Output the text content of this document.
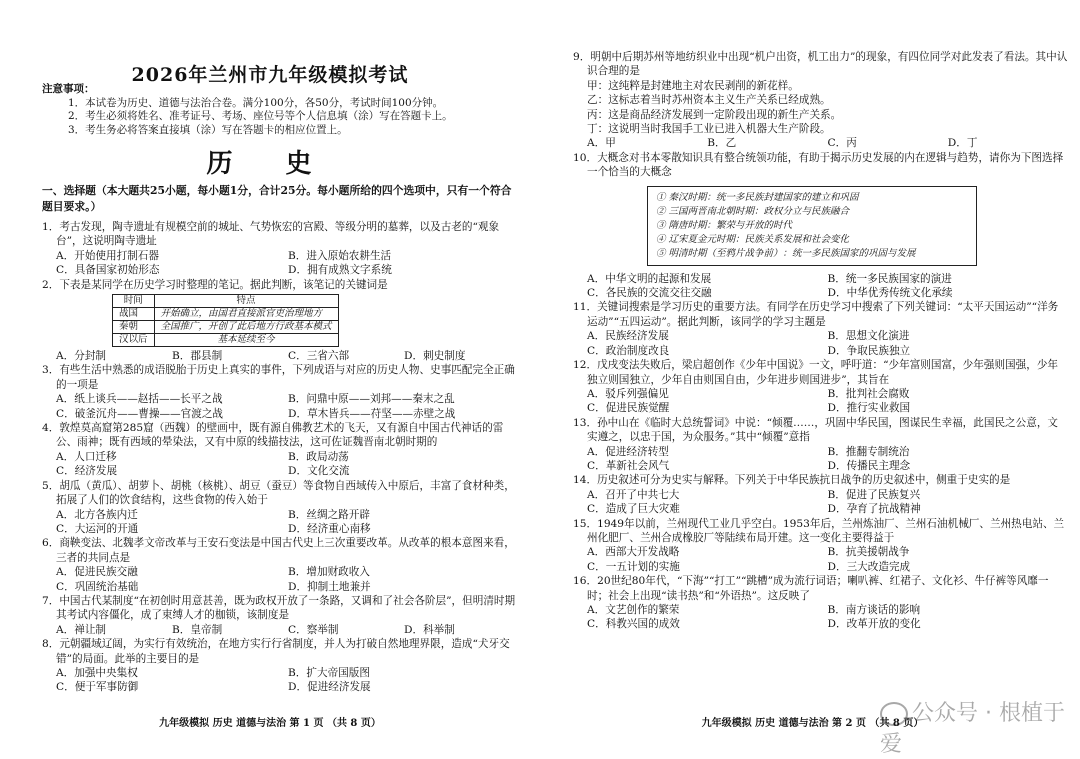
2026年兰州市九年级模拟考试
注意事项：
1．本试卷为历史、道德与法治合卷。满分100分，各50分，考试时间100分钟。
2．考生必须将姓名、准考证号、考场、座位号等个人信息填（涂）写在答题卡上。
3．考生务必将答案直接填（涂）写在答题卡的相应位置上。
历 史
一、选择题（本大题共25小题，每小题1分，合计25分。每小题所给的四个选项中，只有一个符合题目要求。）
1．考古发现，陶寺遗址有规模空前的城址、气势恢宏的宫殿、等级分明的墓葬，以及古老的“观象台”，这说明陶寺遗址
A．开始使用打制石器	B．进入原始农耕生活
C．具备国家初始形态	D．拥有成熟文字系统
2．下表是某同学在历史学习时整理的笔记。据此判断，该笔记的关键词是
时间	特点
战国	开始确立，由国君直接派官吏治理地方
秦朝	全国推广，开创了此后地方行政基本模式
汉以后	基本延续至今
A．分封制	B．郡县制	C．三省六部	D．刺史制度
3．有些生活中熟悉的成语脱胎于历史上真实的事件，下列成语与对应的历史人物、史事匹配完全正确的一项是
A．纸上谈兵——赵括——长平之战	B．问鼎中原——刘邦——秦末之乱
C．破釜沉舟——曹操——官渡之战	D．草木皆兵——苻坚——赤壁之战
4．敦煌莫高窟第285窟（西魏）的壁画中，既有源自佛教艺术的飞天，又有源自中国古代神话的雷公、雨神；既有西域的晕染法，又有中原的线描技法，这可佐证魏晋南北朝时期的
A．人口迁移	B．政局动荡
C．经济发展	D．文化交流
5．胡瓜（黄瓜）、胡萝卜、胡桃（核桃）、胡豆（蚕豆）等食物自西域传入中原后，丰富了食材种类，拓展了人们的饮食结构，这些食物的传入始于
A．北方各族内迁	B．丝绸之路开辟
C．大运河的开通	D．经济重心南移
6．商鞅变法、北魏孝文帝改革与王安石变法是中国古代史上三次重要改革。从改革的根本意图来看，三者的共同点是
A．促进民族交融	B．增加财政收入
C．巩固统治基础	D．抑制土地兼并
7．中国古代某制度“在初创时用意甚善，既为政权开放了一条路，又调和了社会各阶层”，但明清时期其考试内容僵化，成了束缚人才的枷锁，该制度是
A．禅让制	B．皇帝制	C．察举制	D．科举制
8．元朝疆域辽阔，为实行有效统治，在地方实行行省制度，并人为打破自然地理界限，造成“犬牙交错”的局面。此举的主要目的是
A．加强中央集权	B．扩大帝国版图
C．便于军事防御	D．促进经济发展
九年级模拟 历史 道德与法治 第 1 页 （共 8 页）
9．明朝中后期苏州等地纺织业中出现“机户出资，机工出力”的现象，有四位同学对此发表了看法。其中认识合理的是
甲：这纯粹是封建地主对农民剥削的新花样。
乙：这标志着当时苏州资本主义生产关系已经成熟。
丙：这是商品经济发展到一定阶段出现的新生产关系。
丁：这说明当时我国手工业已进入机器大生产阶段。
A．甲	B．乙	C．丙	D．丁
10．大概念对书本零散知识具有整合统领功能，有助于揭示历史发展的内在逻辑与趋势，请你为下图选择一个恰当的大概念
① 秦汉时期：统一多民族封建国家的建立和巩固
② 三国两晋南北朝时期：政权分立与民族融合
③ 隋唐时期：繁荣与开放的时代
④ 辽宋夏金元时期：民族关系发展和社会变化
⑤ 明清时期（至鸦片战争前）：统一多民族国家的巩固与发展
A．中华文明的起源和发展	B．统一多民族国家的演进
C．各民族的交流交往交融	D．中华优秀传统文化承续
11．关键词搜索是学习历史的重要方法。有同学在历史学习中搜索了下列关键词：“太平天国运动”“洋务运动”“五四运动”。据此判断，该同学的学习主题是
A．民族经济发展	B．思想文化演进
C．政治制度改良	D．争取民族独立
12．戊戌变法失败后，梁启超创作《少年中国说》一文，呼吁道：“少年富则国富，少年强则国强，少年独立则国独立，少年自由则国自由，少年进步则国进步”，其旨在
A．驳斥列强偏见	B．批判社会腐败
C．促进民族觉醒	D．推行实业救国
13．孙中山在《临时大总统誓词》中说：“倾覆……，巩固中华民国，图谋民生幸福，此国民之公意，文实遵之，以忠于国，为众服务。”其中“倾覆”意指
A．促进经济转型	B．推翻专制统治
C．革新社会风气	D．传播民主理念
14．历史叙述可分为史实与解释。下列关于中华民族抗日战争的历史叙述中，侧重于史实的是
A．召开了中共七大	B．促进了民族复兴
C．造成了巨大灾难	D．孕育了抗战精神
15．1949年以前，兰州现代工业几乎空白。1953年后，兰州炼油厂、兰州石油机械厂、兰州热电站、兰州化肥厂、兰州合成橡胶厂等陆续布局开建。这一变化主要得益于
A．西部大开发战略	B．抗美援朝战争
C．一五计划的实施	D．三大改造完成
16．20世纪80年代，“下海”“打工”“跳槽”成为流行词语；喇叭裤、红裙子、文化衫、牛仔裤等风靡一时；社会上出现“读书热”和“外语热”。这反映了
A．文艺创作的繁荣	B．南方谈话的影响
C．科教兴国的成效	D．改革开放的变化
公众号 · 根植于爱
九年级模拟 历史 道德与法治 第 2 页 （共 8 页）
